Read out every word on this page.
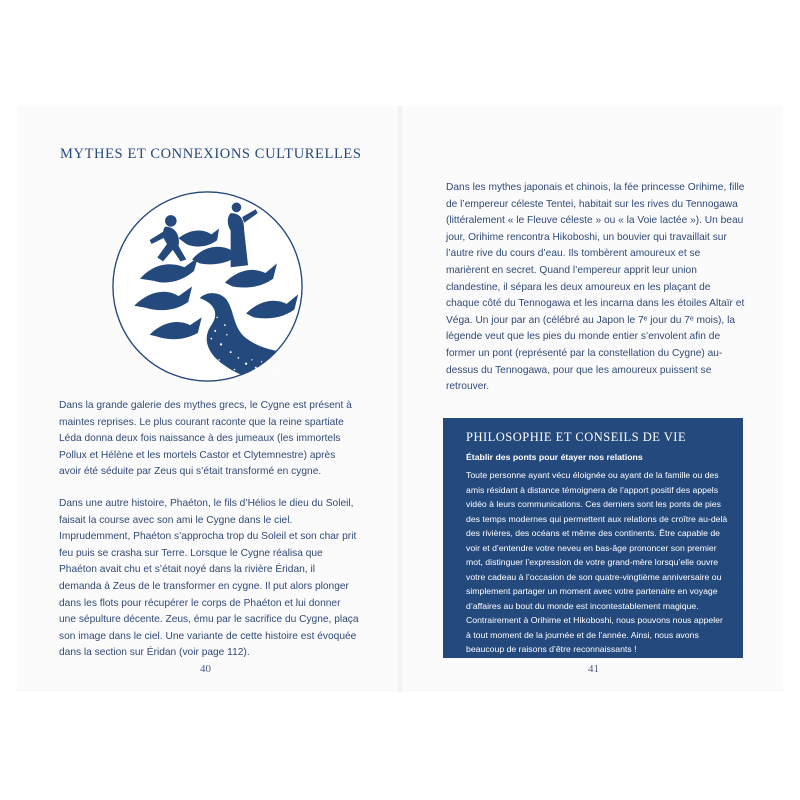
MYTHES ET CONNEXIONS CULTURELLES

Dans la grande galerie des mythes grecs, le Cygne est présent à maintes reprises. Le plus courant raconte que la reine spartiate Léda donna deux fois naissance à des jumeaux (les immortels Pollux et Hélène et les mortels Castor et Clytemnestre) après avoir été séduite par Zeus qui s’était transformé en cygne.

Dans une autre histoire, Phaéton, le fils d’Hélios le dieu du Soleil, faisait la course avec son ami le Cygne dans le ciel. Imprudemment, Phaéton s’approcha trop du Soleil et son char prit feu puis se crasha sur Terre. Lorsque le Cygne réalisa que Phaéton avait chu et s’était noyé dans la rivière Éridan, il demanda à Zeus de le transformer en cygne. Il put alors plonger dans les flots pour récupérer le corps de Phaéton et lui donner une sépulture décente. Zeus, ému par le sacrifice du Cygne, plaça son image dans le ciel. Une variante de cette histoire est évoquée dans la section sur Éridan (voir page 112).

Dans les mythes japonais et chinois, la fée princesse Orihime, fille de l’empereur céleste Tentei, habitait sur les rives du Tennogawa (littéralement « le Fleuve céleste » ou « la Voie lactée »). Un beau jour, Orihime rencontra Hikoboshi, un bouvier qui travaillait sur l’autre rive du cours d’eau. Ils tombèrent amoureux et se marièrent en secret. Quand l’empereur apprit leur union clandestine, il sépara les deux amoureux en les plaçant de chaque côté du Tennogawa et les incarna dans les étoiles Altaïr et Véga. Un jour par an (célébré au Japon le 7ᵉ jour du 7ᵉ mois), la légende veut que les pies du monde entier s’envolent afin de former un pont (représenté par la constellation du Cygne) au-dessus du Tennogawa, pour que les amoureux puissent se retrouver.

PHILOSOPHIE ET CONSEILS DE VIE

Établir des ponts pour étayer nos relations

Toute personne ayant vécu éloignée ou ayant de la famille ou des amis résidant à distance témoignera de l’apport positif des appels vidéo à leurs communications. Ces derniers sont les ponts de pies des temps modernes qui permettent aux relations de croître au-delà des rivières, des océans et même des continents. Être capable de voir et d’entendre votre neveu en bas-âge prononcer son premier mot, distinguer l’expression de votre grand-mère lorsqu’elle ouvre votre cadeau à l’occasion de son quatre-vingtième anniversaire ou simplement partager un moment avec votre partenaire en voyage d’affaires au bout du monde est incontestablement magique. Contrairement à Orihime et Hikoboshi, nous pouvons nous appeler à tout moment de la journée et de l’année. Ainsi, nous avons beaucoup de raisons d’être reconnaissants !

40	41
